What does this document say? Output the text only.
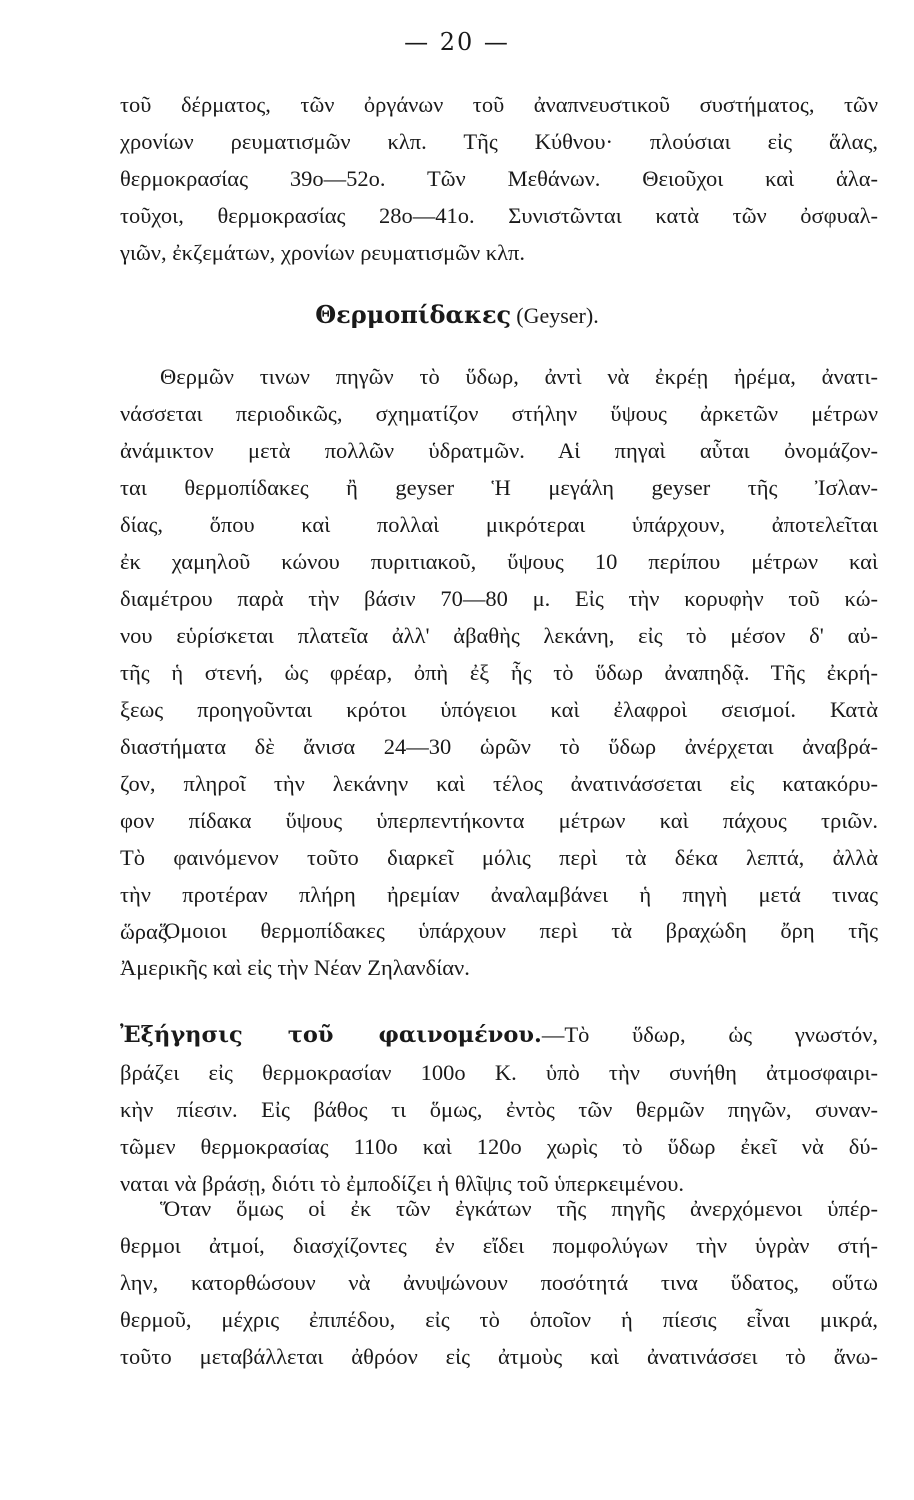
— 20 —
τοῦ δέρματος, τῶν ὀργάνων τοῦ ἀναπνευστικοῦ συστήματος, τῶν
χρονίων ρευματισμῶν κλπ. Τῆς Κύθνου· πλούσιαι εἰς ἅλας,
θερμοκρασίας 39ο—52ο. Τῶν Μεθάνων. Θειοῦχοι καὶ ἁλα-
τοῦχοι, θερμοκρασίας 28ο—41ο. Συνιστῶνται κατὰ τῶν ὀσφυαλ-
γιῶν, ἐκζεμάτων, χρονίων ρευματισμῶν κλπ.
Θερμοπίδακες (Geyser).
Θερμῶν τινων πηγῶν τὸ ὕδωρ, ἀντὶ νὰ ἐκρέῃ ἠρέμα, ἀνατι-
νάσσεται περιοδικῶς, σχηματίζον στήλην ὕψους ἀρκετῶν μέτρων
ἀνάμικτον μετὰ πολλῶν ὑδρατμῶν. Αἱ πηγαὶ αὗται ὀνομάζον-
ται θερμοπίδακες ἢ geyser Ἡ μεγάλη geyser τῆς Ἰσλαν-
δίας, ὅπου καὶ πολλαὶ μικρότεραι ὑπάρχουν, ἀποτελεῖται
ἐκ χαμηλοῦ κώνου πυριτιακοῦ, ὕψους 10 περίπου μέτρων καὶ
διαμέτρου παρὰ τὴν βάσιν 70—80 μ. Εἰς τὴν κορυφὴν τοῦ κώ-
νου εὑρίσκεται πλατεῖα ἀλλ' ἀβαθὴς λεκάνη, εἰς τὸ μέσον δ' αὐ-
τῆς ἡ στενή, ὡς φρέαρ, ὀπὴ ἐξ ἧς τὸ ὕδωρ ἀναπηδᾷ. Τῆς ἐκρή-
ξεως προηγοῦνται κρότοι ὑπόγειοι καὶ ἐλαφροὶ σεισμοί. Κατὰ
διαστήματα δὲ ἄνισα 24—30 ὡρῶν τὸ ὕδωρ ἀνέρχεται ἀναβρά-
ζον, πληροῖ τὴν λεκάνην καὶ τέλος ἀνατινάσσεται εἰς κατακόρυ-
φον πίδακα ὕψους ὑπερπεντήκοντα μέτρων καὶ πάχους τριῶν.
Τὸ φαινόμενον τοῦτο διαρκεῖ μόλις περὶ τὰ δέκα λεπτά, ἀλλὰ
τὴν προτέραν πλήρη ἠρεμίαν ἀναλαμβάνει ἡ πηγὴ μετά τινας
ὥρας.
Ὅμοιοι θερμοπίδακες ὑπάρχουν περὶ τὰ βραχώδη ὄρη τῆς
Ἀμερικῆς καὶ εἰς τὴν Νέαν Ζηλανδίαν.
Ἐξήγησις τοῦ φαινομένου.—Τὸ ὕδωρ, ὡς γνωστόν,
βράζει εἰς θερμοκρασίαν 100ο Κ. ὑπὸ τὴν συνήθη ἀτμοσφαιρι-
κὴν πίεσιν. Εἰς βάθος τι ὅμως, ἐντὸς τῶν θερμῶν πηγῶν, συναν-
τῶμεν θερμοκρασίας 110ο καὶ 120ο χωρὶς τὸ ὕδωρ ἐκεῖ νὰ δύ-
ναται νὰ βράσῃ, διότι τὸ ἐμποδίζει ἡ θλῖψις τοῦ ὑπερκειμένου.
Ὅταν ὅμως οἱ ἐκ τῶν ἐγκάτων τῆς πηγῆς ἀνερχόμενοι ὑπέρ-
θερμοι ἀτμοί, διασχίζοντες ἐν εἴδει πομφολύγων τὴν ὑγρὰν στή-
λην, κατορθώσουν νὰ ἀνυψώνουν ποσότητά τινα ὕδατος, οὕτω
θερμοῦ, μέχρις ἐπιπέδου, εἰς τὸ ὁποῖον ἡ πίεσις εἶναι μικρά,
τοῦτο μεταβάλλεται ἀθρόον εἰς ἀτμοὺς καὶ ἀνατινάσσει τὸ ἄνω-
